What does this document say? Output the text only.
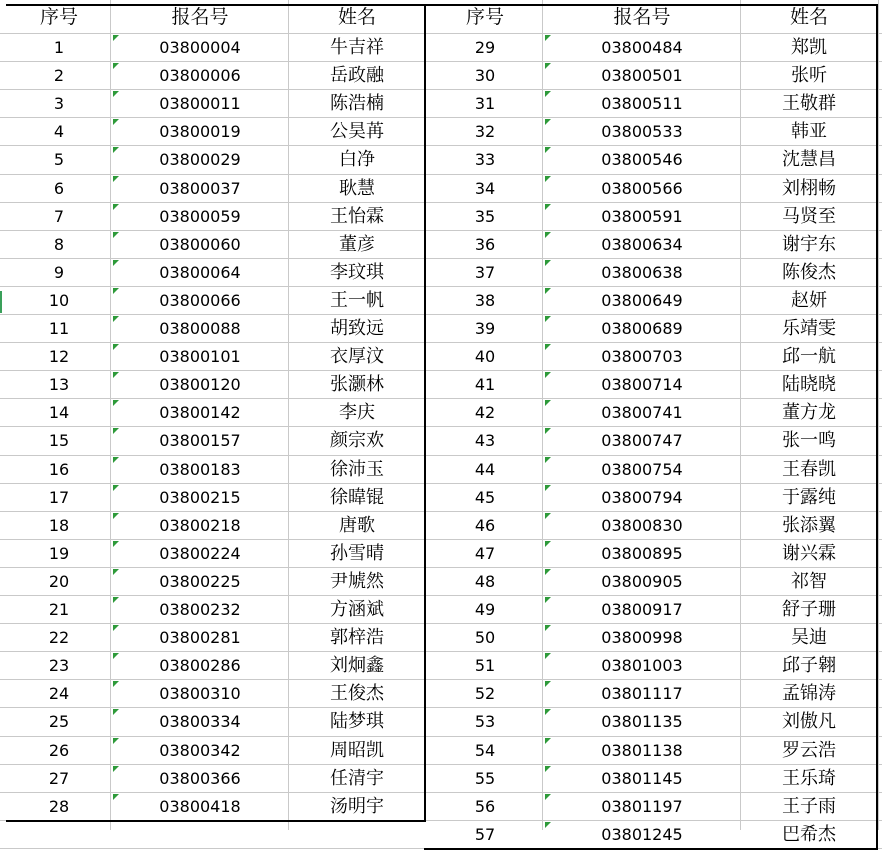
序号	报名号	姓名	序号	报名号	姓名
1	03800004	牛吉祥
2	03800006	岳政融
3	03800011	陈浩楠
4	03800019	公昊苒
5	03800029	白净
6	03800037	耿慧
7	03800059	王怡霖
8	03800060	董彦
9	03800064	李玟琪
10	03800066	王一帆
11	03800088	胡致远
12	03800101	衣厚汶
13	03800120	张灏林
14	03800142	李庆
15	03800157	颜宗欢
16	03800183	徐沛玉
17	03800215	徐暐锟
18	03800218	唐歌
19	03800224	孙雪晴
20	03800225	尹虓然
21	03800232	方涵斌
22	03800281	郭梓浩
23	03800286	刘炯鑫
24	03800310	王俊杰
25	03800334	陆梦琪
26	03800342	周昭凯
27	03800366	任清宇
28	03800418	汤明宇
29	03800484	郑凯
30	03800501	张听
31	03800511	王敬群
32	03800533	韩亚
33	03800546	沈慧昌
34	03800566	刘栩畅
35	03800591	马贤至
36	03800634	谢宇东
37	03800638	陈俊杰
38	03800649	赵妍
39	03800689	乐靖雯
40	03800703	邱一航
41	03800714	陆晓晓
42	03800741	董方龙
43	03800747	张一鸣
44	03800754	王春凯
45	03800794	于露纯
46	03800830	张添翼
47	03800895	谢兴霖
48	03800905	祁智
49	03800917	舒子珊
50	03800998	吴迪
51	03801003	邱子翱
52	03801117	孟锦涛
53	03801135	刘傲凡
54	03801138	罗云浩
55	03801145	王乐琦
56	03801197	王子雨
57	03801245	巴希杰
